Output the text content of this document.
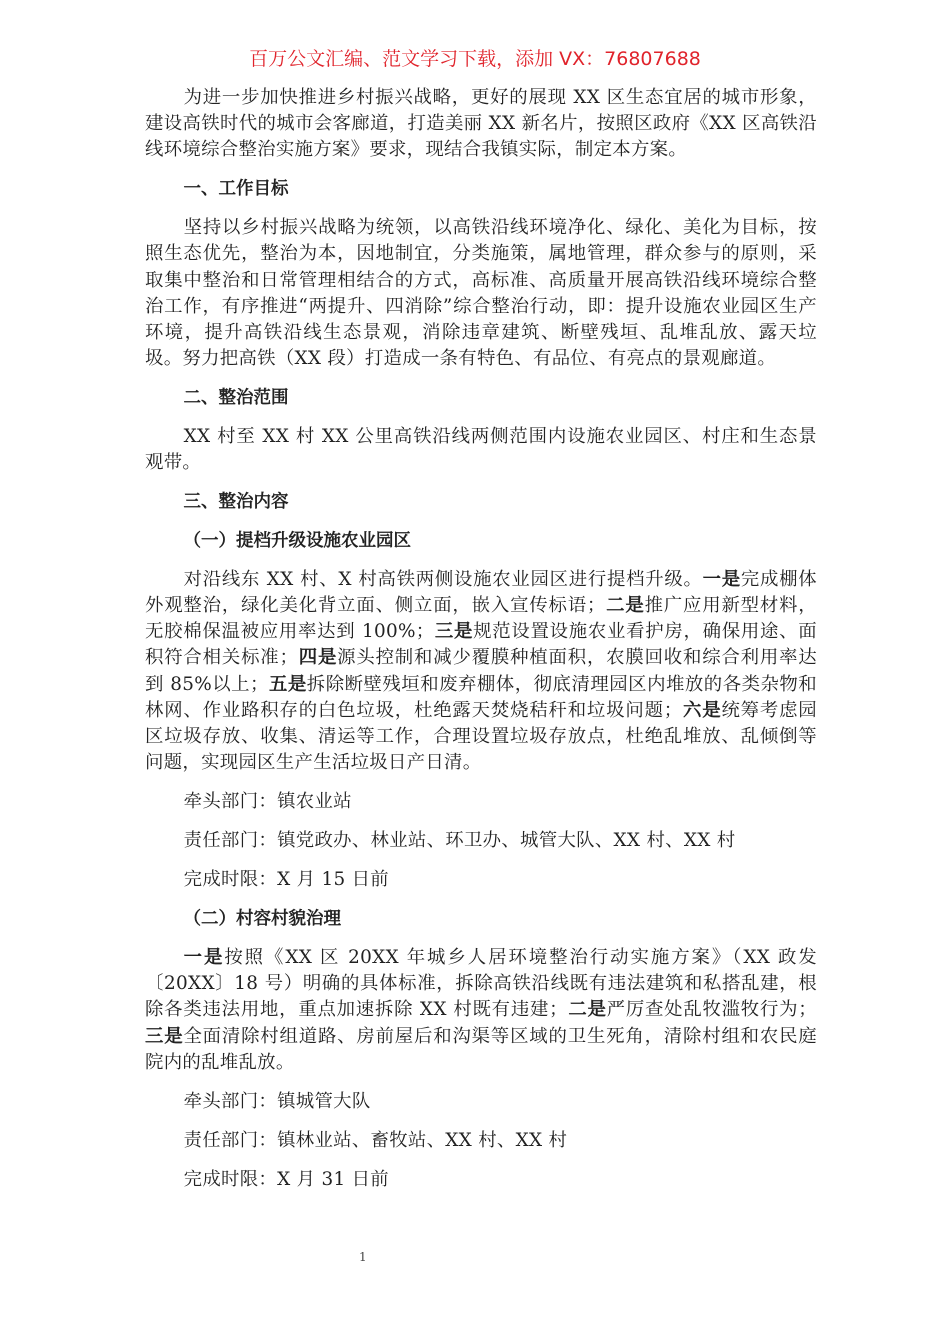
百万公文汇编、范文学习下载，添加 VX：76807688
为进一步加快推进乡村振兴战略，更好的展现 XX 区生态宜居的城市形象，建设高铁时代的城市会客廊道，打造美丽 XX 新名片，按照区政府《XX 区高铁沿线环境综合整治实施方案》要求，现结合我镇实际，制定本方案。
一、工作目标
坚持以乡村振兴战略为统领，以高铁沿线环境净化、绿化、美化为目标，按照生态优先，整治为本，因地制宜，分类施策，属地管理，群众参与的原则，采取集中整治和日常管理相结合的方式，高标准、高质量开展高铁沿线环境综合整治工作，有序推进“两提升、四消除”综合整治行动，即：提升设施农业园区生产环境，提升高铁沿线生态景观，消除违章建筑、断壁残垣、乱堆乱放、露天垃圾。努力把高铁（XX 段）打造成一条有特色、有品位、有亮点的景观廊道。
二、整治范围
XX 村至 XX 村 XX 公里高铁沿线两侧范围内设施农业园区、村庄和生态景观带。
三、整治内容
（一）提档升级设施农业园区
对沿线东 XX 村、X 村高铁两侧设施农业园区进行提档升级。一是完成棚体外观整治，绿化美化背立面、侧立面，嵌入宣传标语；二是推广应用新型材料，无胶棉保温被应用率达到 100%；三是规范设置设施农业看护房，确保用途、面积符合相关标准；四是源头控制和减少覆膜种植面积，农膜回收和综合利用率达到 85%以上；五是拆除断壁残垣和废弃棚体，彻底清理园区内堆放的各类杂物和林网、作业路积存的白色垃圾，杜绝露天焚烧秸秆和垃圾问题；六是统筹考虑园区垃圾存放、收集、清运等工作，合理设置垃圾存放点，杜绝乱堆放、乱倾倒等问题，实现园区生产生活垃圾日产日清。
牵头部门：镇农业站
责任部门：镇党政办、林业站、环卫办、城管大队、XX 村、XX 村
完成时限：X 月 15 日前
（二）村容村貌治理
一是按照《XX 区 20XX 年城乡人居环境整治行动实施方案》（XX 政发〔20XX〕18 号）明确的具体标准，拆除高铁沿线既有违法建筑和私搭乱建，根除各类违法用地，重点加速拆除 XX 村既有违建；二是严厉查处乱牧滥牧行为；三是全面清除村组道路、房前屋后和沟渠等区域的卫生死角，清除村组和农民庭院内的乱堆乱放。
牵头部门：镇城管大队
责任部门：镇林业站、畜牧站、XX 村、XX 村
完成时限：X 月 31 日前
1
